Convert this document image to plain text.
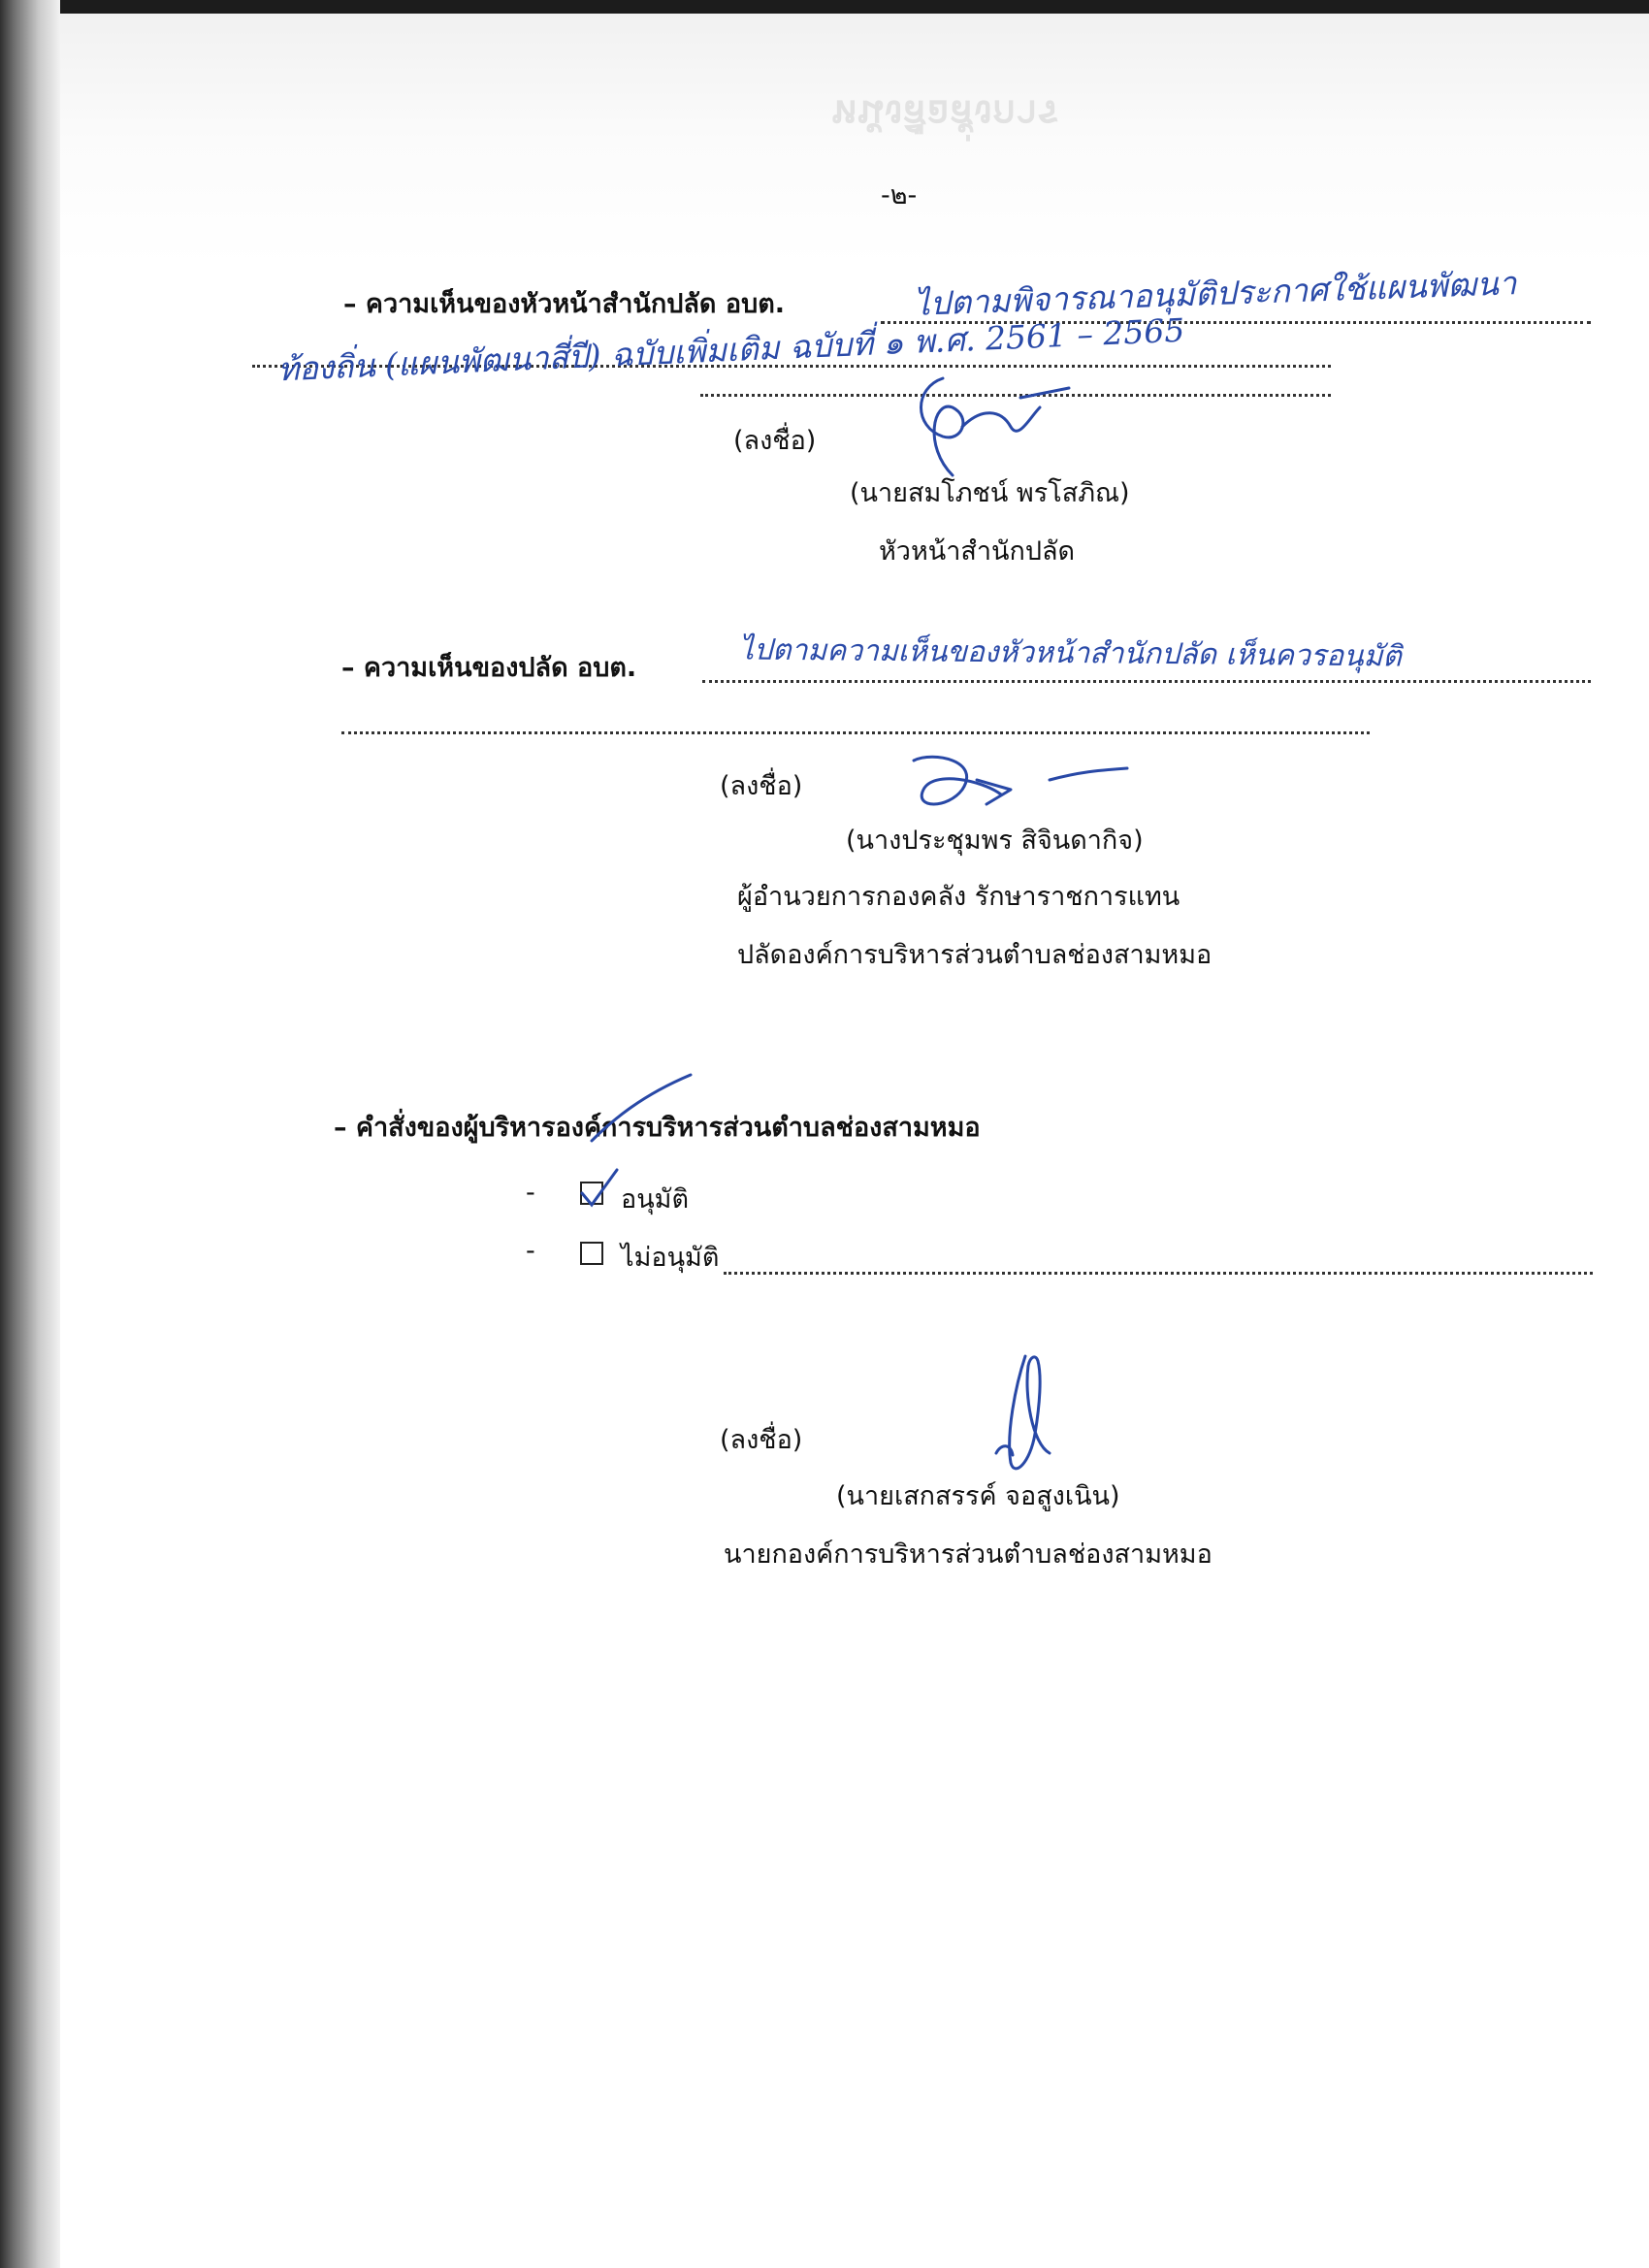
หนังสือสั่งการ
-๒-
– ความเห็นของหัวหน้าสำนักปลัด อบต.	ไปตามพิจารณาอนุมัติประกาศใช้แผนพัฒนา
ท้องถิ่น (แผนพัฒนาสี่ปี) ฉบับเพิ่มเติม ฉบับที่ ๑ พ.ศ. 2561 – 2565
(ลงชื่อ)
(นายสมโภชน์ พรโสภิณ)
หัวหน้าสำนักปลัด
– ความเห็นของปลัด อบต.	ไปตามความเห็นของหัวหน้าสำนักปลัด เห็นควรอนุมัติ
(ลงชื่อ)
(นางประชุมพร สิจินดากิจ)
ผู้อำนวยการกองคลัง รักษาราชการแทน
ปลัดองค์การบริหารส่วนตำบลช่องสามหมอ
– คำสั่งของผู้บริหารองค์การบริหารส่วนตำบลช่องสามหมอ
-	อนุมัติ
-	ไม่อนุมัติ
(ลงชื่อ)
(นายเสกสรรค์ จอสูงเนิน)
นายกองค์การบริหารส่วนตำบลช่องสามหมอ
